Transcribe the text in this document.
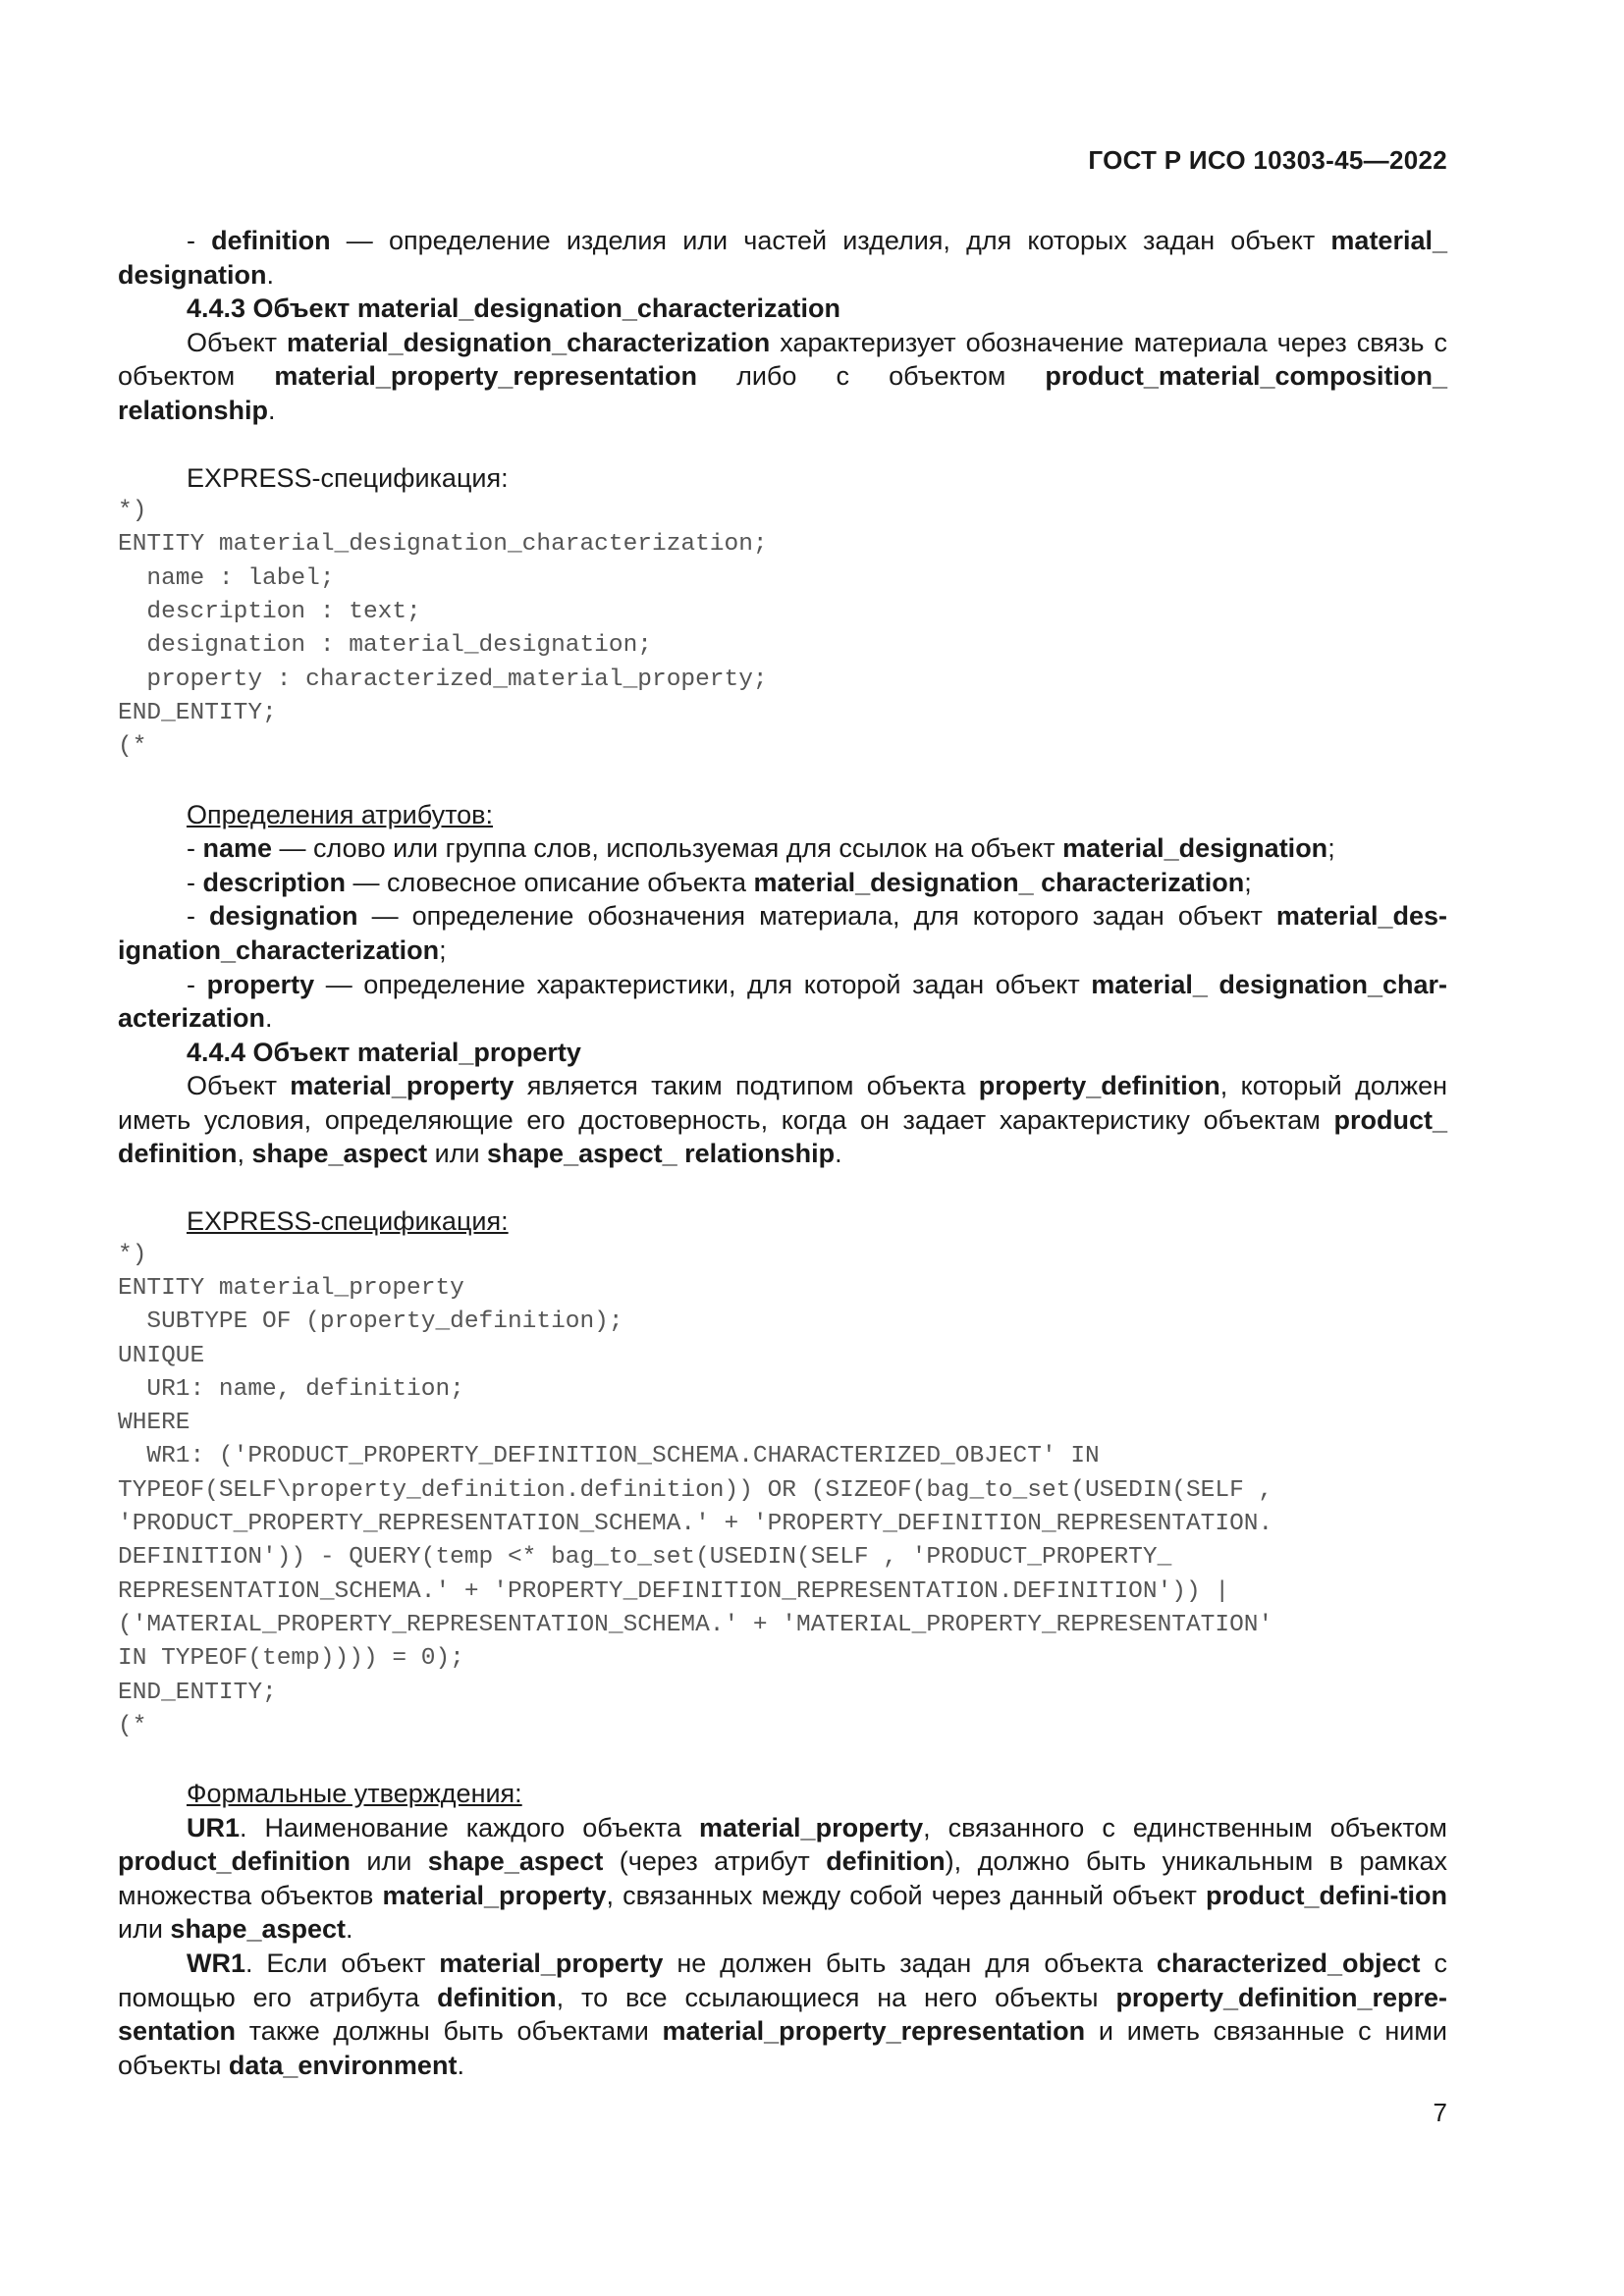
ГОСТ Р ИСО 10303-45—2022

- definition — определение изделия или частей изделия, для которых задан объект material_ designation.

4.4.3 Объект material_designation_characterization

Объект material_designation_characterization характеризует обозначение материала через связь с объектом material_property_representation либо с объектом product_material_composition_ relationship.

EXPRESS-спецификация:

*)
ENTITY material_designation_characterization;
name : label;
description : text;
designation : material_designation;
property : characterized_material_property;
END_ENTITY;
(*

Определения атрибутов:

- name — слово или группа слов, используемая для ссылок на объект material_designation;

- description — словесное описание объекта material_designation_ characterization;

- designation — определение обозначения материала, для которого задан объект material_des-ignation_characterization;

- property — определение характеристики, для которой задан объект material_ designation_char-acterization.

4.4.4 Объект material_property

Объект material_property является таким подтипом объекта property_definition, который должен иметь условия, определяющие его достоверность, когда он задает характеристику объектам product_ definition, shape_aspect или shape_aspect_ relationship.

EXPRESS-спецификация:

*)
ENTITY material_property
SUBTYPE OF (property_definition);
UNIQUE
UR1: name, definition;
WHERE
WR1: ('PRODUCT_PROPERTY_DEFINITION_SCHEMA.CHARACTERIZED_OBJECT' IN
TYPEOF(SELF\property_definition.definition)) OR (SIZEOF(bag_to_set(USEDIN(SELF ,
'PRODUCT_PROPERTY_REPRESENTATION_SCHEMA.' + 'PROPERTY_DEFINITION_REPRESENTATION.
DEFINITION')) - QUERY(temp <* bag_to_set(USEDIN(SELF , 'PRODUCT_PROPERTY_
REPRESENTATION_SCHEMA.' + 'PROPERTY_DEFINITION_REPRESENTATION.DEFINITION')) |
('MATERIAL_PROPERTY_REPRESENTATION_SCHEMA.' + 'MATERIAL_PROPERTY_REPRESENTATION'
IN TYPEOF(temp)))) = 0);
END_ENTITY;
(*

Формальные утверждения:

UR1. Наименование каждого объекта material_property, связанного с единственным объектом product_definition или shape_aspect (через атрибут definition), должно быть уникальным в рамках множества объектов material_property, связанных между собой через данный объект product_defini-tion или shape_aspect.

WR1. Если объект material_property не должен быть задан для объекта characterized_object с помощью его атрибута definition, то все ссылающиеся на него объекты property_definition_repre-sentation также должны быть объектами material_property_representation и иметь связанные с ними объекты data_environment.

7
